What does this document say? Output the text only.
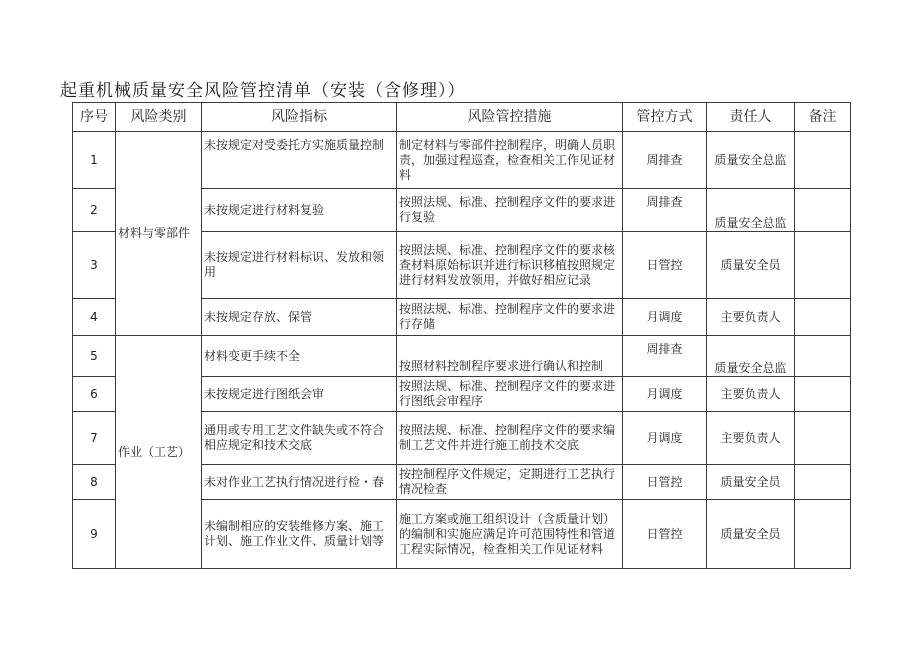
起重机械质量安全风险管控清单（安装（含修理））
序号	风险类别	风险指标	风险管控措施	管控方式	责任人	备注
1	材料与零部件	未按规定对受委托方实施质量控制	制定材料与零部件控制程序，明确人员职责，加强过程巡查，检查相关工作见证材料	周排查	质量安全总监	
2		未按规定进行材料复验	按照法规、标准、控制程序文件的要求进行复验	周排查	质量安全总监	
3		未按规定进行材料标识、发放和领用	按照法规、标准、控制程序文件的要求核查材料原始标识并进行标识移植按照规定进行材料发放领用，并做好相应记录	日管控	质量安全员	
4		未按规定存放、保管	按照法规、标准、控制程序文件的要求进行存储	月调度	主要负责人	
5	作业（工艺）	材料变更手续不全	按照材料控制程序要求进行确认和控制	周排查	质量安全总监	
6		未按规定进行图纸会审	按照法规、标准、控制程序文件的要求进行图纸会审程序	月调度	主要负责人	
7		通用或专用工艺文件缺失或不符合相应规定和技术交底	按照法规、标准、控制程序文件的要求编制工艺文件并进行施工前技术交底	月调度	主要负责人	
8		未对作业工艺执行情况进行检・春	按控制程序文件规定，定期进行工艺执行情况检查	日管控	质量安全员	
9		未编制相应的安装维修方案、施工计划、施工作业文件、质量计划等	施工方案或施工组织设计（含质量计划）的编制和实施应满足许可范围特性和管道工程实际情况，检查相关工作见证材料	日管控	质量安全员	
